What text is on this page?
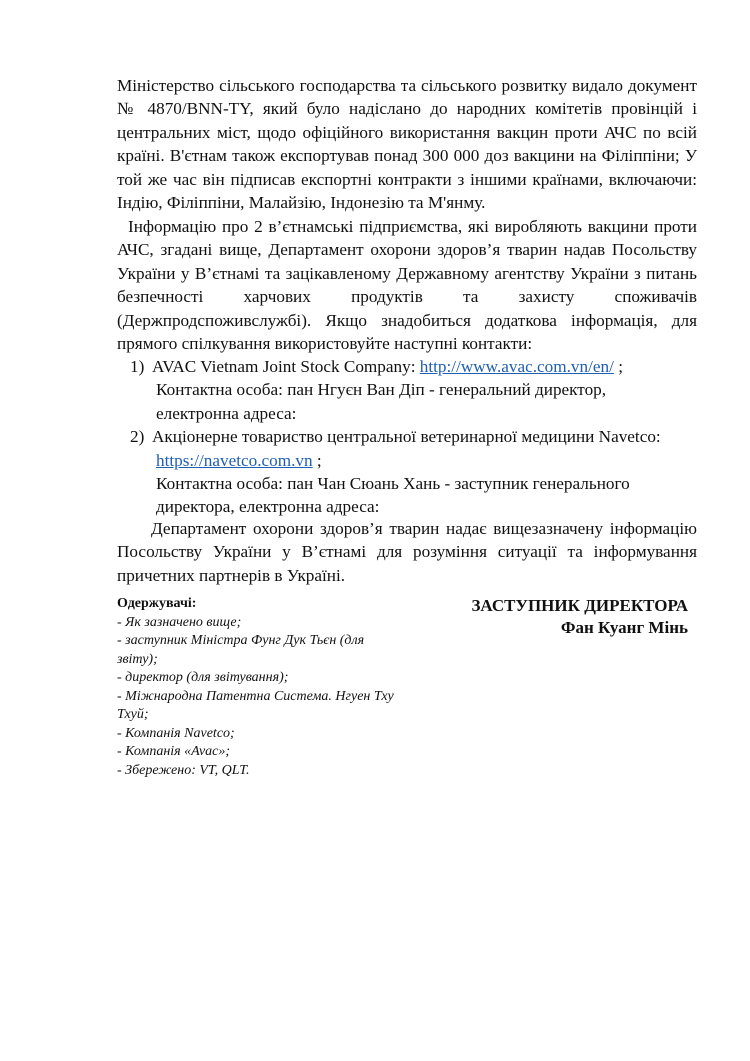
Міністерство сільського господарства та сільського розвитку видало документ № 4870/BNN-TY, який було надіслано до народних комітетів провінцій і центральних міст, щодо офіційного використання вакцин проти АЧС по всій країні. В'єтнам також експортував понад 300 000 доз вакцини на Філіппіни; У той же час він підписав експортні контракти з іншими країнами, включаючи: Індію, Філіппіни, Малайзію, Індонезію та М'янму.

Інформацію про 2 в’єтнамські підприємства, які виробляють вакцини проти АЧС, згадані вище, Департамент охорони здоров’я тварин надав Посольству України у В’єтнамі та зацікавленому Державному агентству України з питань безпечності харчових продуктів та захисту споживачів (Держпродспоживслужбі). Якщо знадобиться додаткова інформація, для прямого спілкування використовуйте наступні контакти:

1) AVAC Vietnam Joint Stock Company: http://www.avac.com.vn/en/ ;
Контактна особа: пан Нгуєн Ван Діп - генеральний директор,
електронна адреса:
2) Акціонерне товариство центральної ветеринарної медицини Navetco:
https://navetco.com.vn ;
Контактна особа: пан Чан Сюань Хань - заступник генерального
директора, електронна адреса:

Департамент охорони здоров’я тварин надає вищезазначену інформацію Посольству України у В’єтнамі для розуміння ситуації та інформування причетних партнерів в Україні.

Одержувачі:
- Як зазначено вище;
- заступник Міністра Фунг Дук Тьєн (для звіту);
- директор (для звітування);
- Міжнародна Патентна Система. Нгуен Тху Тхуй;
- Компанія Navetco;
- Компанія «Avac»;
- Збережено: VT, QLT.
ЗАСТУПНИК ДИРЕКТОРА
Фан Куанг Мінь
